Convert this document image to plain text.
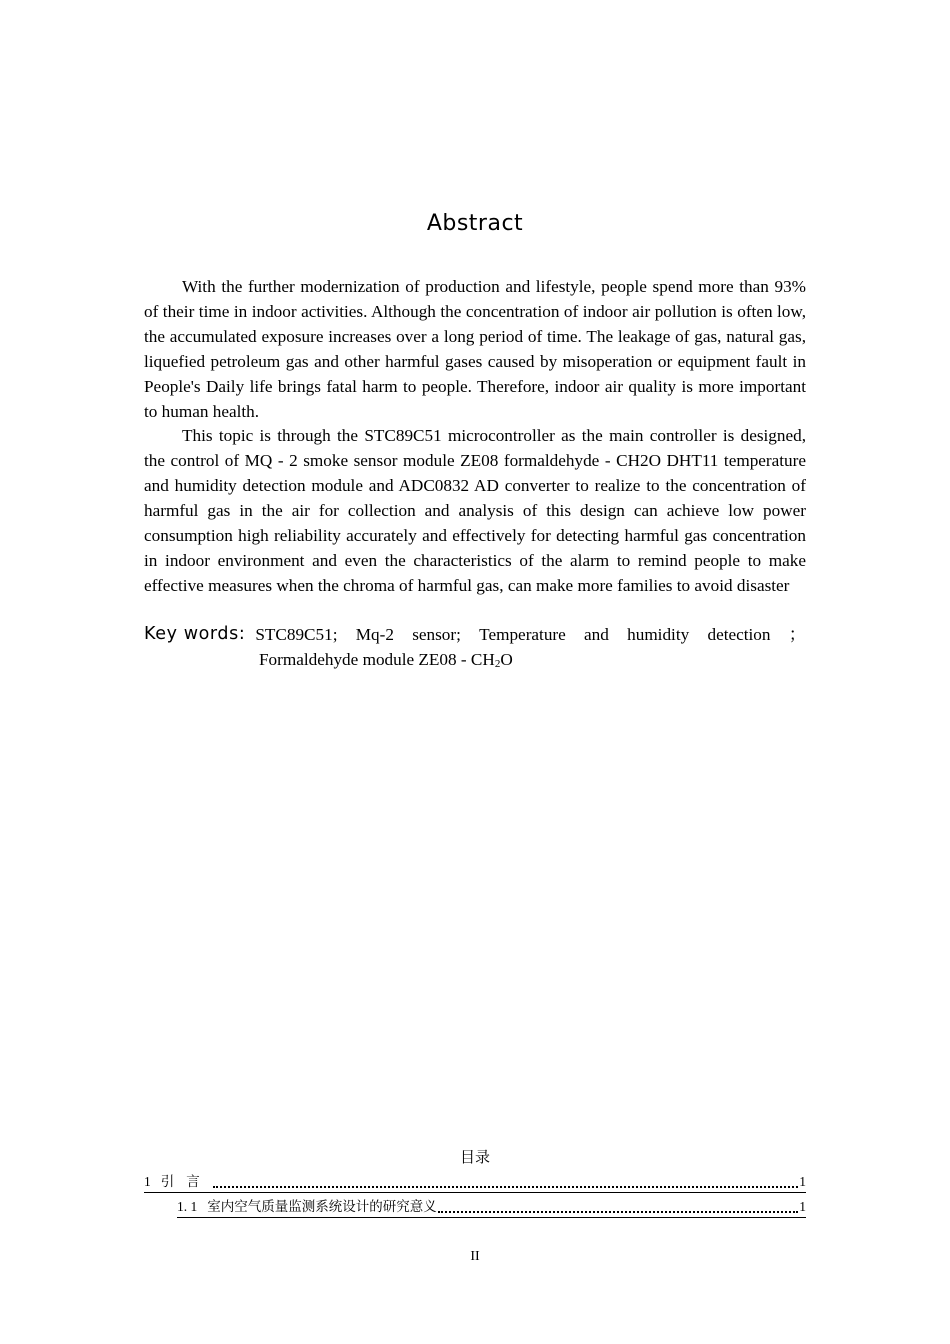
Abstract

With the further modernization of production and lifestyle, people spend more than 93% of their time in indoor activities. Although the concentration of indoor air pollution is often low, the accumulated exposure increases over a long period of time. The leakage of gas, natural gas, liquefied petroleum gas and other harmful gases caused by misoperation or equipment fault in People's Daily life brings fatal harm to people. Therefore, indoor air quality is more important to human health.

This topic is through the STC89C51 microcontroller as the main controller is designed, the control of MQ - 2 smoke sensor module ZE08 formaldehyde - CH2O DHT11 temperature and humidity detection module and ADC0832 AD converter to realize to the concentration of harmful gas in the air for collection and analysis of this design can achieve low power consumption high reliability accurately and effectively for detecting harmful gas concentration in indoor environment and even the characteristics of the alarm to remind people to make effective measures when the chroma of harmful gas, can make more families to avoid disaster

Key words: STC89C51; Mq-2 sensor; Temperature and humidity detection ；
Formaldehyde module $ZE08 - CH_2O$
目录
1 引言	1
1. 1 室内空气质量监测系统设计的研究意义	1
II
